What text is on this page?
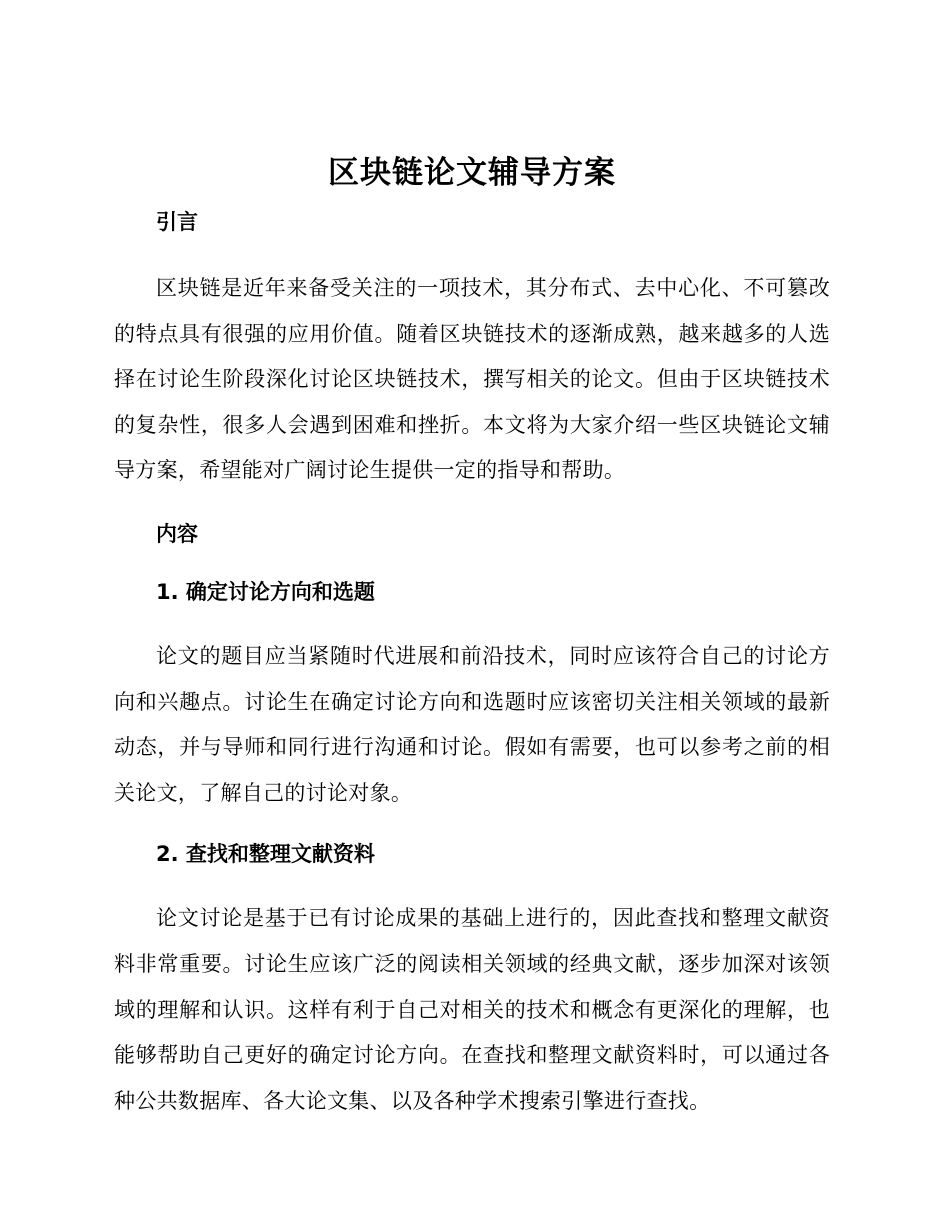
区块链论文辅导方案
引言

区块链是近年来备受关注的一项技术，其分布式、去中心化、不可篡改的特点具有很强的应用价值。随着区块链技术的逐渐成熟，越来越多的人选择在讨论生阶段深化讨论区块链技术，撰写相关的论文。但由于区块链技术的复杂性，很多人会遇到困难和挫折。本文将为大家介绍一些区块链论文辅导方案，希望能对广阔讨论生提供一定的指导和帮助。

内容
1. 确定讨论方向和选题

论文的题目应当紧随时代进展和前沿技术，同时应该符合自己的讨论方向和兴趣点。讨论生在确定讨论方向和选题时应该密切关注相关领域的最新动态，并与导师和同行进行沟通和讨论。假如有需要，也可以参考之前的相关论文，了解自己的讨论对象。

2. 查找和整理文献资料

论文讨论是基于已有讨论成果的基础上进行的，因此查找和整理文献资料非常重要。讨论生应该广泛的阅读相关领域的经典文献，逐步加深对该领域的理解和认识。这样有利于自己对相关的技术和概念有更深化的理解，也能够帮助自己更好的确定讨论方向。在查找和整理文献资料时，可以通过各种公共数据库、各大论文集、以及各种学术搜索引擎进行查找。
